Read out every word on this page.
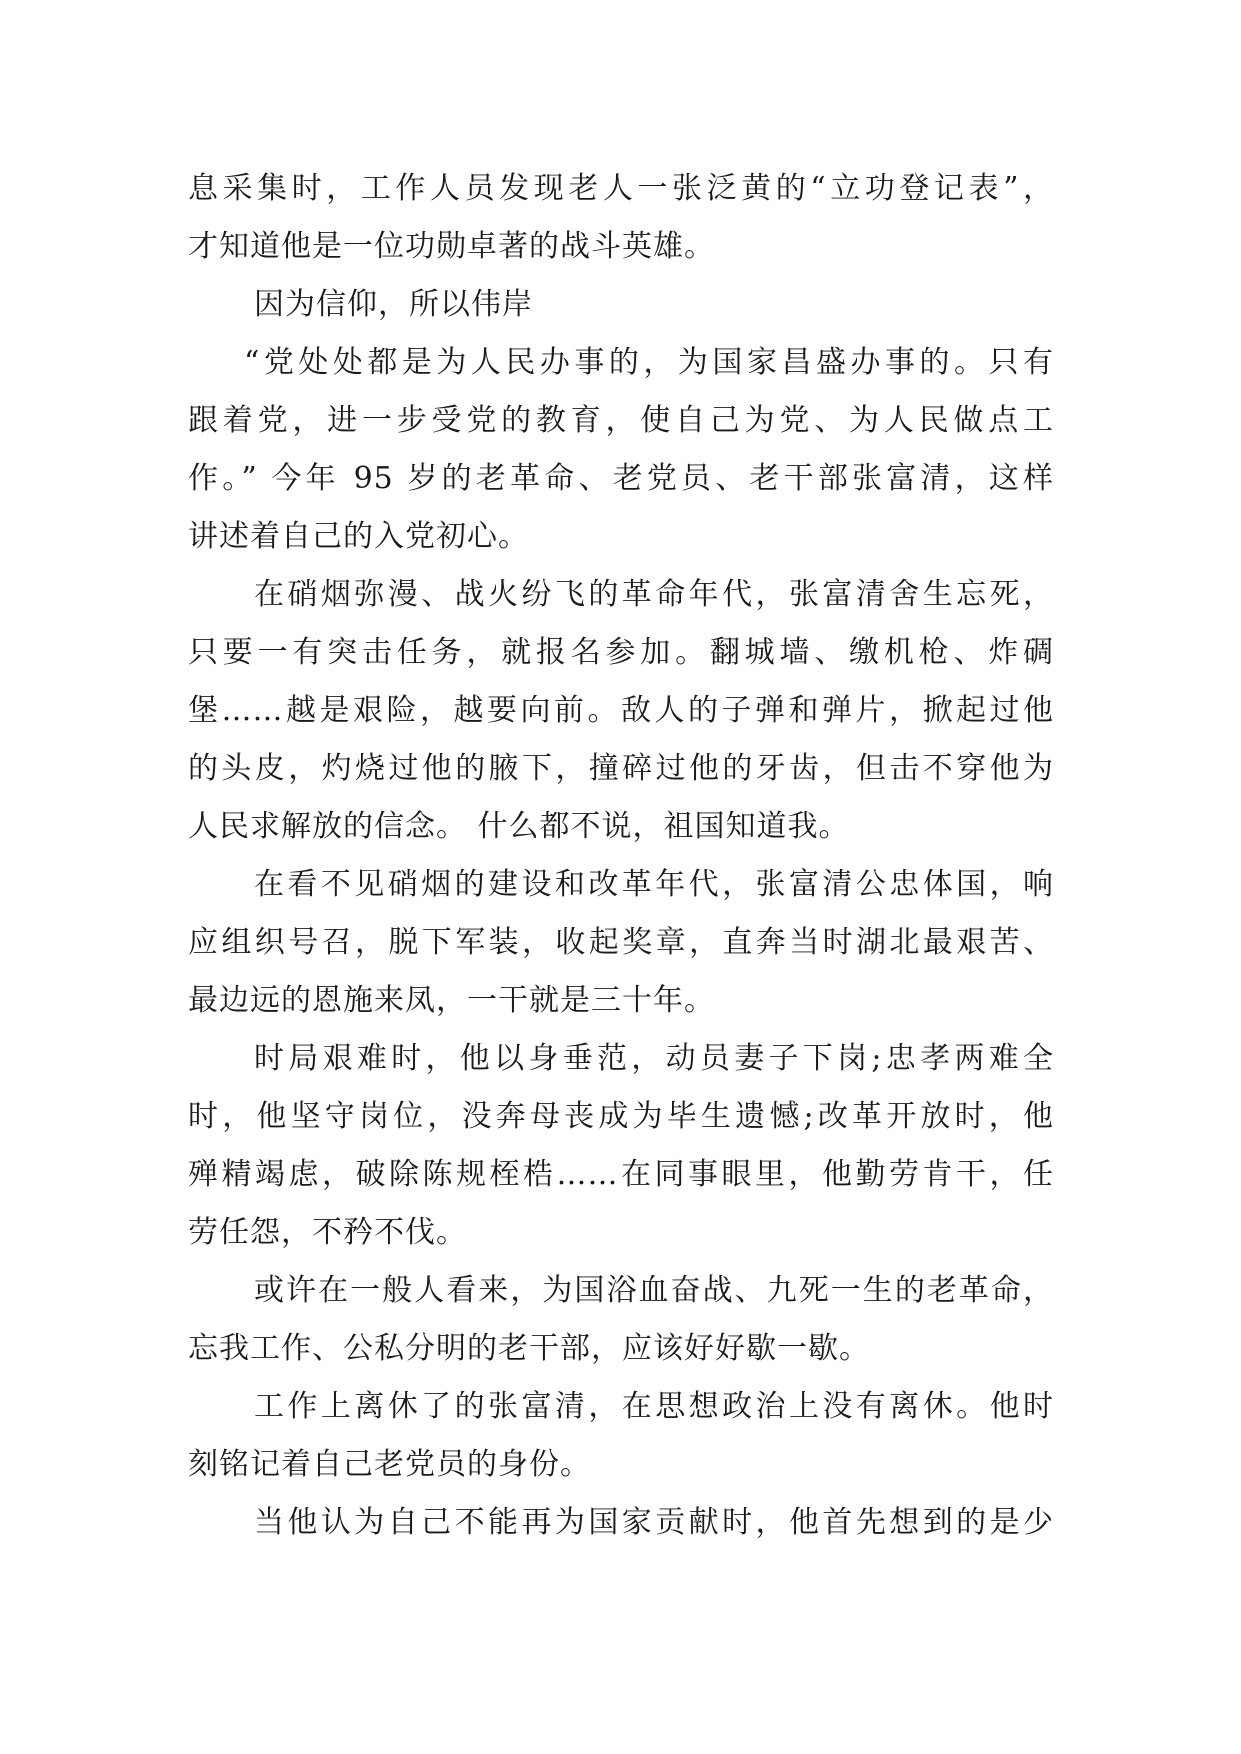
息采集时，工作人员发现老人一张泛黄的“立功登记表”，
才知道他是一位功勋卓著的战斗英雄。
因为信仰，所以伟岸
“党处处都是为人民办事的，为国家昌盛办事的。只有
跟着党，进一步受党的教育，使自己为党、为人民做点工
作。” 今年 95 岁的老革命、老党员、老干部张富清，这样
讲述着自己的入党初心。
在硝烟弥漫、战火纷飞的革命年代，张富清舍生忘死，
只要一有突击任务，就报名参加。翻城墙、缴机枪、炸碉
堡……越是艰险，越要向前。敌人的子弹和弹片，掀起过他
的头皮，灼烧过他的腋下，撞碎过他的牙齿，但击不穿他为
人民求解放的信念。 什么都不说，祖国知道我。
在看不见硝烟的建设和改革年代，张富清公忠体国，响
应组织号召，脱下军装，收起奖章，直奔当时湖北最艰苦、
最边远的恩施来凤，一干就是三十年。
时局艰难时，他以身垂范，动员妻子下岗;忠孝两难全
时，他坚守岗位，没奔母丧成为毕生遗憾;改革开放时，他
殚精竭虑，破除陈规桎梏……在同事眼里，他勤劳肯干，任
劳任怨，不矜不伐。
或许在一般人看来，为国浴血奋战、九死一生的老革命，
忘我工作、公私分明的老干部，应该好好歇一歇。
工作上离休了的张富清，在思想政治上没有离休。他时
刻铭记着自己老党员的身份。
当他认为自己不能再为国家贡献时，他首先想到的是少
